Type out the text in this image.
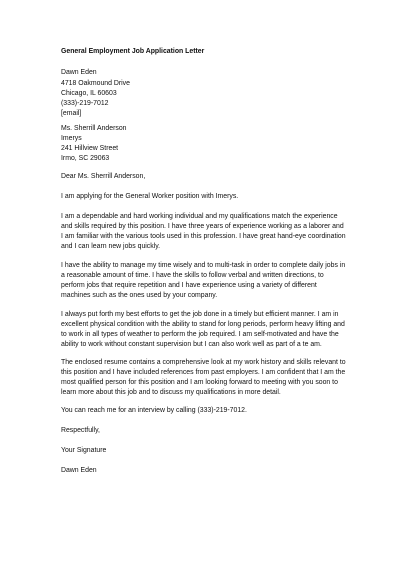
General Employment Job Application Letter
Dawn Eden
4718 Oakmound Drive
Chicago, IL 60603
(333)-219-7012
[email]
Ms. Sherrill Anderson
Imerys
241 Hillview Street
Irmo, SC 29063
Dear Ms. Sherrill Anderson,
I am applying for the General Worker position with Imerys.
I am a dependable and hard working individual and my qualifications match the experience
and skills required by this position. I have three years of experience working as a laborer and
I am familiar with the various tools used in this profession. I have great hand-eye coordination
and I can learn new jobs quickly.
I have the ability to manage my time wisely and to multi-task in order to complete daily jobs in
a reasonable amount of time. I have the skills to follow verbal and written directions, to
perform jobs that require repetition and I have experience using a variety of different
machines such as the ones used by your company.
I always put forth my best efforts to get the job done in a timely but efficient manner. I am in
excellent physical condition with the ability to stand for long periods, perform heavy lifting and
to work in all types of weather to perform the job required. I am self-motivated and have the
ability to work without constant supervision but I can also work well as part of a te am.
The enclosed resume contains a comprehensive look at my work history and skills relevant to
this position and I have included references from past employers. I am confident that I am the
most qualified person for this position and I am looking forward to meeting with you soon to
learn more about this job and to discuss my qualifications in more detail.
You can reach me for an interview by calling (333)-219-7012.
Respectfully,
Your Signature
Dawn Eden
